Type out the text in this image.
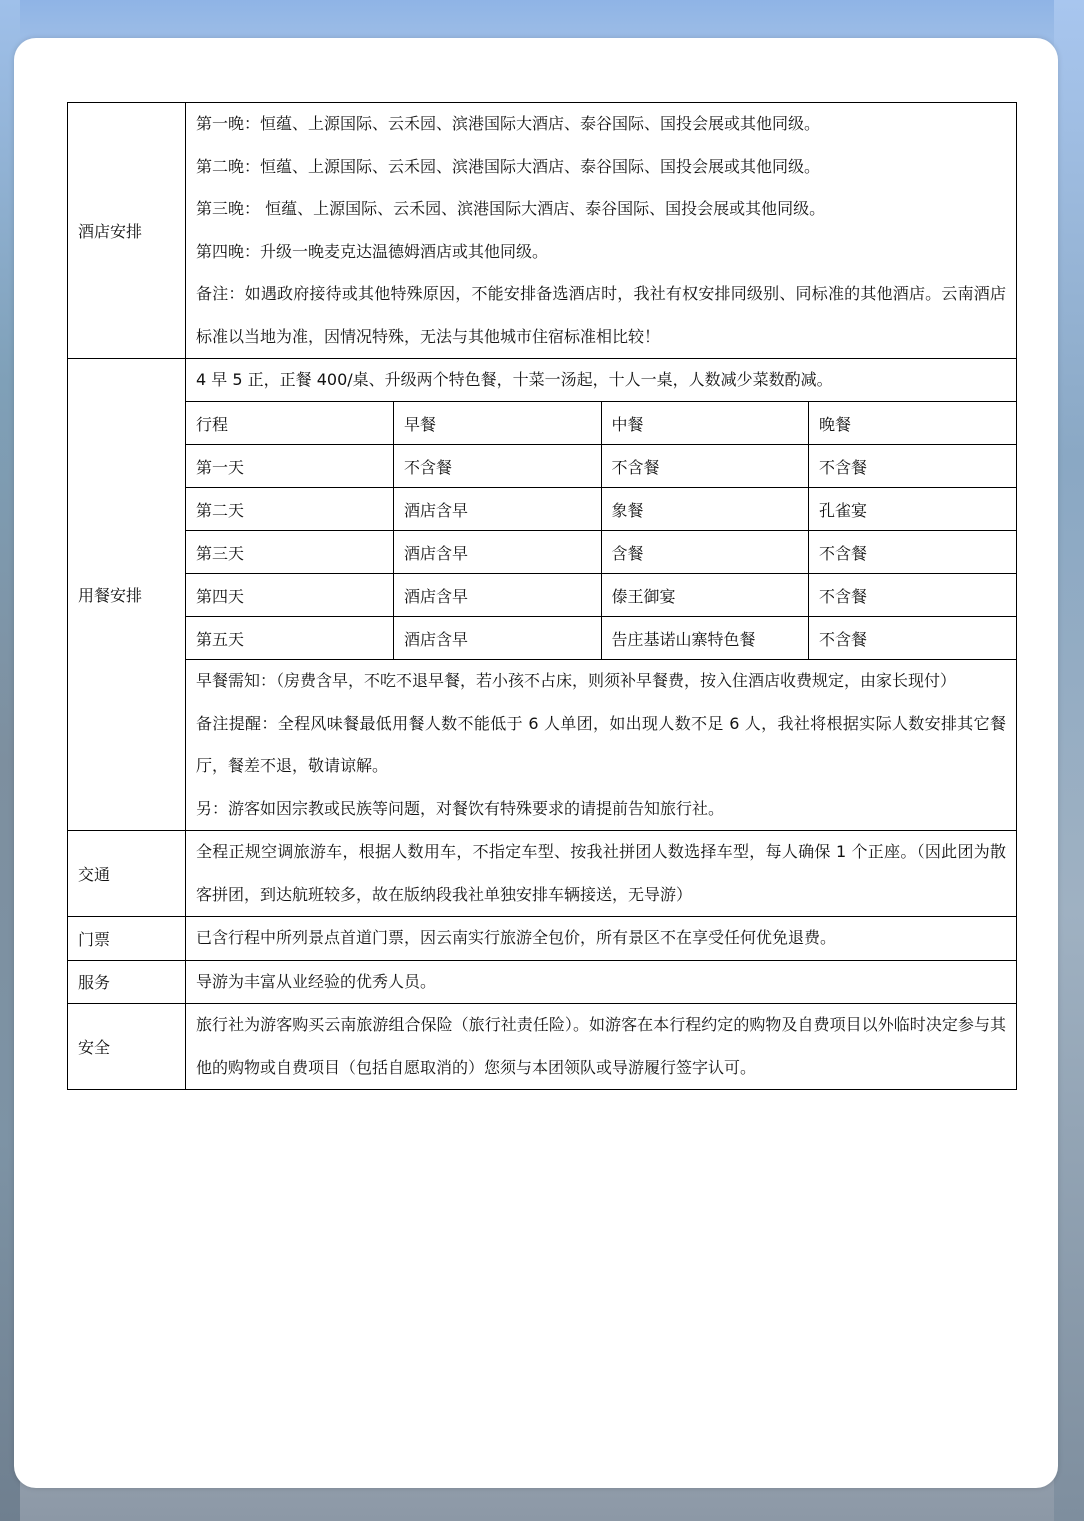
酒店安排	
第一晚：恒蕴、上源国际、云禾园、滨港国际大酒店、泰谷国际、国投会展或其他同级。
第二晚：恒蕴、上源国际、云禾园、滨港国际大酒店、泰谷国际、国投会展或其他同级。
第三晚： 恒蕴、上源国际、云禾园、滨港国际大酒店、泰谷国际、国投会展或其他同级。
第四晚：升级一晚麦克达温德姆酒店或其他同级。
备注：如遇政府接待或其他特殊原因，不能安排备选酒店时，我社有权安排同级别、同标准的其他酒店。云南酒店标准以当地为准，因情况特殊，无法与其他城市住宿标准相比较！

用餐安排	
4 早 5 正，正餐 400/桌、升级两个特色餐，十菜一汤起，十人一桌，人数减少菜数酌减。
行程	早餐	中餐	晚餐
第一天	不含餐	不含餐	不含餐
第二天	酒店含早	象餐	孔雀宴
第三天	酒店含早	含餐	不含餐
第四天	酒店含早	傣王御宴	不含餐
第五天	酒店含早	告庄基诺山寨特色餐	不含餐
早餐需知：（房费含早，不吃不退早餐，若小孩不占床，则须补早餐费，按入住酒店收费规定，由家长现付）
备注提醒：全程风味餐最低用餐人数不能低于 6 人单团，如出现人数不足 6 人，我社将根据实际人数安排其它餐厅，餐差不退，敬请谅解。
另：游客如因宗教或民族等问题，对餐饮有特殊要求的请提前告知旅行社。

交通	
全程正规空调旅游车，根据人数用车，不指定车型、按我社拼团人数选择车型，每人确保 1 个正座。（因此团为散客拼团，到达航班较多，故在版纳段我社单独安排车辆接送，无导游）

门票	已含行程中所列景点首道门票，因云南实行旅游全包价，所有景区不在享受任何优免退费。

服务	导游为丰富从业经验的优秀人员。

安全	
旅行社为游客购买云南旅游组合保险（旅行社责任险）。如游客在本行程约定的购物及自费项目以外临时决定参与其他的购物或自费项目（包括自愿取消的）您须与本团领队或导游履行签字认可。
